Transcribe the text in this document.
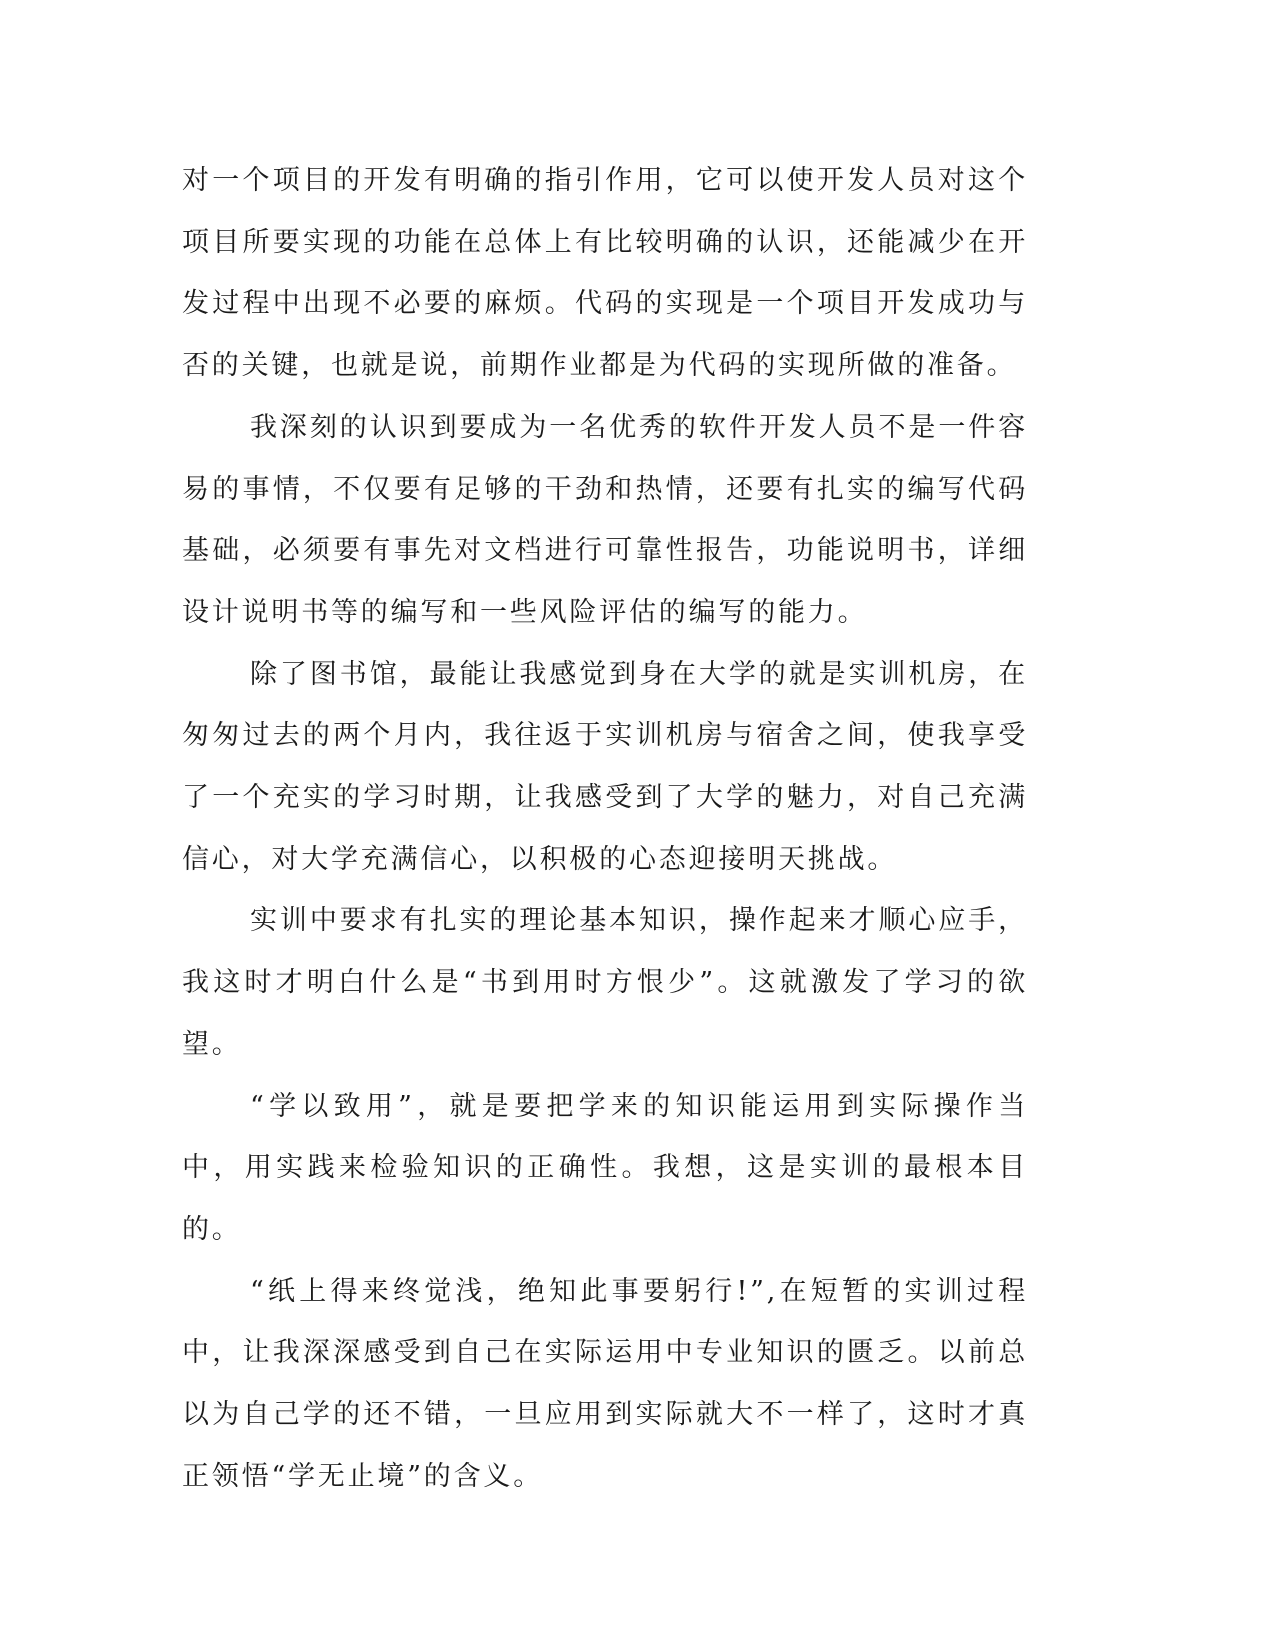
对一个项目的开发有明确的指引作用，它可以使开发人员对这个项目所要实现的功能在总体上有比较明确的认识，还能减少在开发过程中出现不必要的麻烦。代码的实现是一个项目开发成功与否的关键，也就是说，前期作业都是为代码的实现所做的准备。

我深刻的认识到要成为一名优秀的软件开发人员不是一件容易的事情，不仅要有足够的干劲和热情，还要有扎实的编写代码基础，必须要有事先对文档进行可靠性报告，功能说明书，详细设计说明书等的编写和一些风险评估的编写的能力。

除了图书馆，最能让我感觉到身在大学的就是实训机房，在匆匆过去的两个月内，我往返于实训机房与宿舍之间，使我享受了一个充实的学习时期，让我感受到了大学的魅力，对自己充满信心，对大学充满信心，以积极的心态迎接明天挑战。

实训中要求有扎实的理论基本知识，操作起来才顺心应手，我这时才明白什么是“书到用时方恨少”。这就激发了学习的欲望。

“学以致用”，就是要把学来的知识能运用到实际操作当中，用实践来检验知识的正确性。我想，这是实训的最根本目的。

“纸上得来终觉浅，绝知此事要躬行!”,在短暂的实训过程中，让我深深感受到自己在实际运用中专业知识的匮乏。以前总以为自己学的还不错，一旦应用到实际就大不一样了，这时才真正领悟“学无止境”的含义。
